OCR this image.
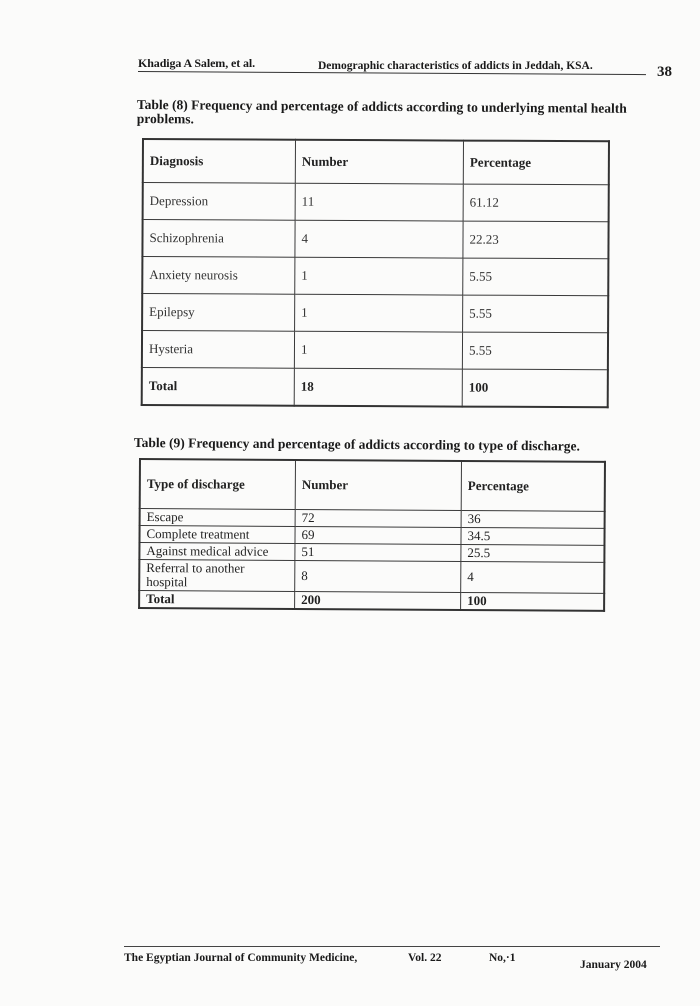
Khadiga A Salem, et al.	Demographic characteristics of addicts in Jeddah, KSA.	38
Table (8) Frequency and percentage of addicts according to underlying mental health problems.
Diagnosis	Number	Percentage
Depression	11	61.12
Schizophrenia	4	22.23
Anxiety neurosis	1	5.55
Epilepsy	1	5.55
Hysteria	1	5.55
Total	18	100
Table (9) Frequency and percentage of addicts according to type of discharge.
Type of discharge	Number	Percentage
Escape	72	36
Complete treatment	69	34.5
Against medical advice	51	25.5
Referral to another hospital	8	4
Total	200	100
The Egyptian Journal of Community Medicine,	Vol. 22	No,·1
January 2004
